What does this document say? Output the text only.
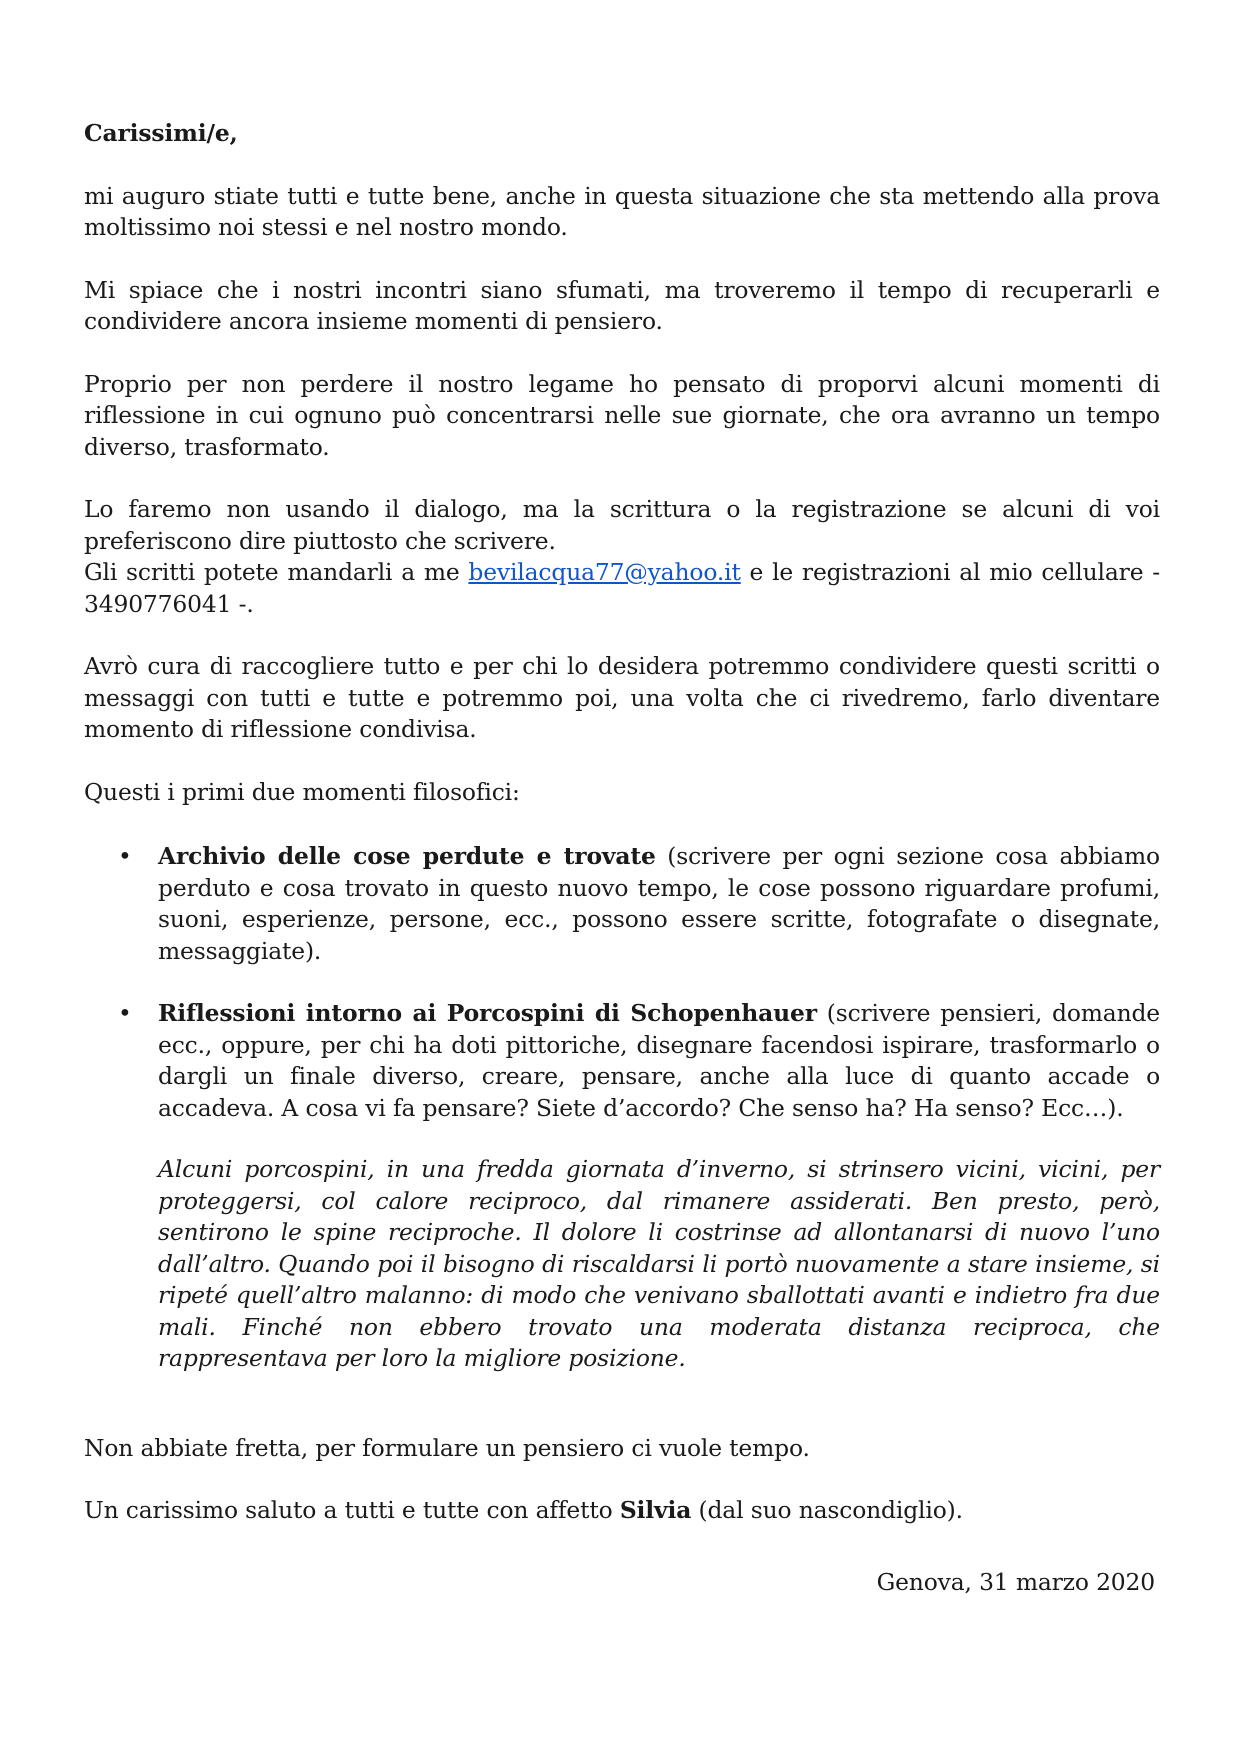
Carissimi/e,

mi auguro stiate tutti e tutte bene, anche in questa situazione che sta mettendo alla prova moltissimo noi stessi e nel nostro mondo.

Mi spiace che i nostri incontri siano sfumati, ma troveremo il tempo di recuperarli e condividere ancora insieme momenti di pensiero.

Proprio per non perdere il nostro legame ho pensato di proporvi alcuni momenti di riflessione in cui ognuno può concentrarsi nelle sue giornate, che ora avranno un tempo diverso, trasformato.

Lo faremo non usando il dialogo, ma la scrittura o la registrazione se alcuni di voi preferiscono dire piuttosto che scrivere.

Gli scritti potete mandarli a me bevilacqua77@yahoo.it e le registrazioni al mio cellulare - 3490776041 -.

Avrò cura di raccogliere tutto e per chi lo desidera potremmo condividere questi scritti o messaggi con tutti e tutte e potremmo poi, una volta che ci rivedremo, farlo diventare momento di riflessione condivisa.

Questi i primi due momenti filosofici:

• Archivio delle cose perdute e trovate (scrivere per ogni sezione cosa abbiamo perduto e cosa trovato in questo nuovo tempo, le cose possono riguardare profumi, suoni, esperienze, persone, ecc., possono essere scritte, fotografate o disegnate, messaggiate).

• Riflessioni intorno ai Porcospini di Schopenhauer (scrivere pensieri, domande ecc., oppure, per chi ha doti pittoriche, disegnare facendosi ispirare, trasformarlo o dargli un finale diverso, creare, pensare, anche alla luce di quanto accade o accadeva. A cosa vi fa pensare? Siete d’accordo? Che senso ha? Ha senso? Ecc…).

Alcuni porcospini, in una fredda giornata d’inverno, si strinsero vicini, vicini, per proteggersi, col calore reciproco, dal rimanere assiderati. Ben presto, però, sentirono le spine reciproche. Il dolore li costrinse ad allontanarsi di nuovo l’uno dall’altro. Quando poi il bisogno di riscaldarsi li portò nuovamente a stare insieme, si ripeté quell’altro malanno: di modo che venivano sballottati avanti e indietro fra due mali. Finché non ebbero trovato una moderata distanza reciproca, che rappresentava per loro la migliore posizione.

Non abbiate fretta, per formulare un pensiero ci vuole tempo.

Un carissimo saluto a tutti e tutte con affetto Silvia (dal suo nascondiglio).

Genova, 31 marzo 2020
